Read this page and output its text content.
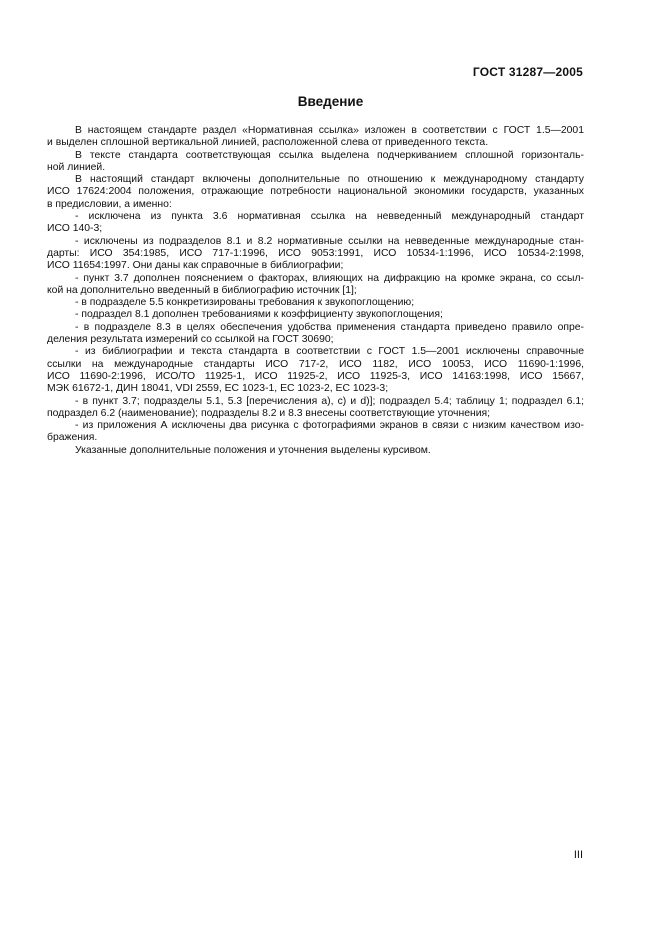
ГОСТ 31287—2005
Введение
В настоящем стандарте раздел «Нормативная ссылка» изложен в соответствии с ГОСТ 1.5—2001
и выделен сплошной вертикальной линией, расположенной слева от приведенного текста.
В тексте стандарта соответствующая ссылка выделена подчеркиванием сплошной горизонталь-
ной линией.
В настоящий стандарт включены дополнительные по отношению к международному стандарту
ИСО 17624:2004 положения, отражающие потребности национальной экономики государств, указанных
в предисловии, а именно:
- исключена из пункта 3.6 нормативная ссылка на невведенный международный стандарт
ИСО 140-3;
- исключены из подразделов 8.1 и 8.2 нормативные ссылки на невведенные международные стан-
дарты: ИСО 354:1985, ИСО 717-1:1996, ИСО 9053:1991, ИСО 10534-1:1996, ИСО 10534-2:1998,
ИСО 11654:1997. Они даны как справочные в библиографии;
- пункт 3.7 дополнен пояснением о факторах, влияющих на дифракцию на кромке экрана, со ссыл-
кой на дополнительно введенный в библиографию источник [1];
- в подразделе 5.5 конкретизированы требования к звукопоглощению;
- подраздел 8.1 дополнен требованиями к коэффициенту звукопоглощения;
- в подразделе 8.3 в целях обеспечения удобства применения стандарта приведено правило опре-
деления результата измерений со ссылкой на ГОСТ 30690;
- из библиографии и текста стандарта в соответствии с ГОСТ 1.5—2001 исключены справочные
ссылки на международные стандарты ИСО 717-2, ИСО 1182, ИСО 10053, ИСО 11690-1:1996,
ИСО 11690-2:1996, ИСО/ТО 11925-1, ИСО 11925-2, ИСО 11925-3, ИСО 14163:1998, ИСО 15667,
МЭК 61672-1, ДИН 18041, VDI 2559, ЕС 1023-1, ЕС 1023-2, ЕС 1023-3;
- в пункт 3.7; подразделы 5.1, 5.3 [перечисления а), с) и d)]; подраздел 5.4; таблицу 1; подраздел 6.1;
подраздел 6.2 (наименование); подразделы 8.2 и 8.3 внесены соответствующие уточнения;
- из приложения А исключены два рисунка с фотографиями экранов в связи с низким качеством изо-
бражения.
Указанные дополнительные положения и уточнения выделены курсивом.
III
